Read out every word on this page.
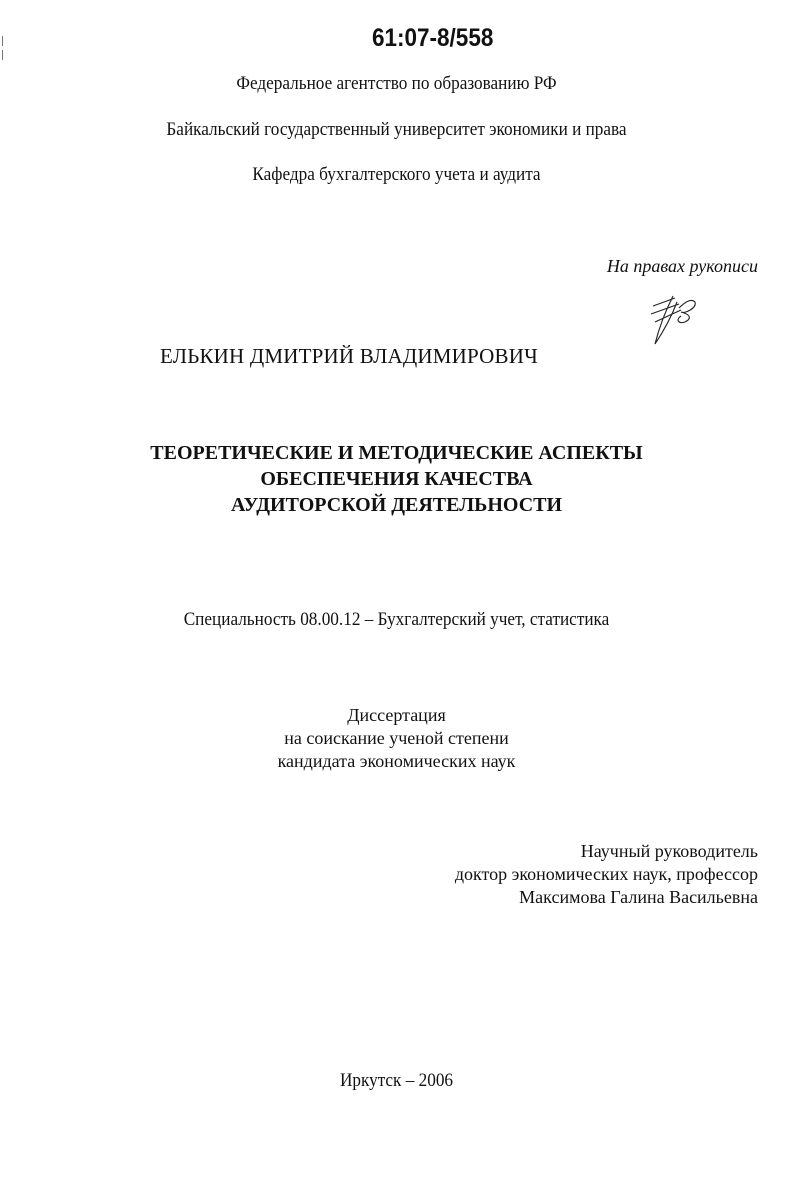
61:07-8/558
Федеральное агентство по образованию РФ
Байкальский государственный университет экономики и права
Кафедра бухгалтерского учета и аудита
На правах рукописи
ЕЛЬКИН ДМИТРИЙ ВЛАДИМИРОВИЧ
ТЕОРЕТИЧЕСКИЕ И МЕТОДИЧЕСКИЕ АСПЕКТЫ
ОБЕСПЕЧЕНИЯ КАЧЕСТВА
АУДИТОРСКОЙ ДЕЯТЕЛЬНОСТИ
Специальность 08.00.12 – Бухгалтерский учет, статистика
Диссертация
на соискание ученой степени
кандидата экономических наук
Научный руководитель
доктор экономических наук, профессор
Максимова Галина Васильевна
Иркутск – 2006
